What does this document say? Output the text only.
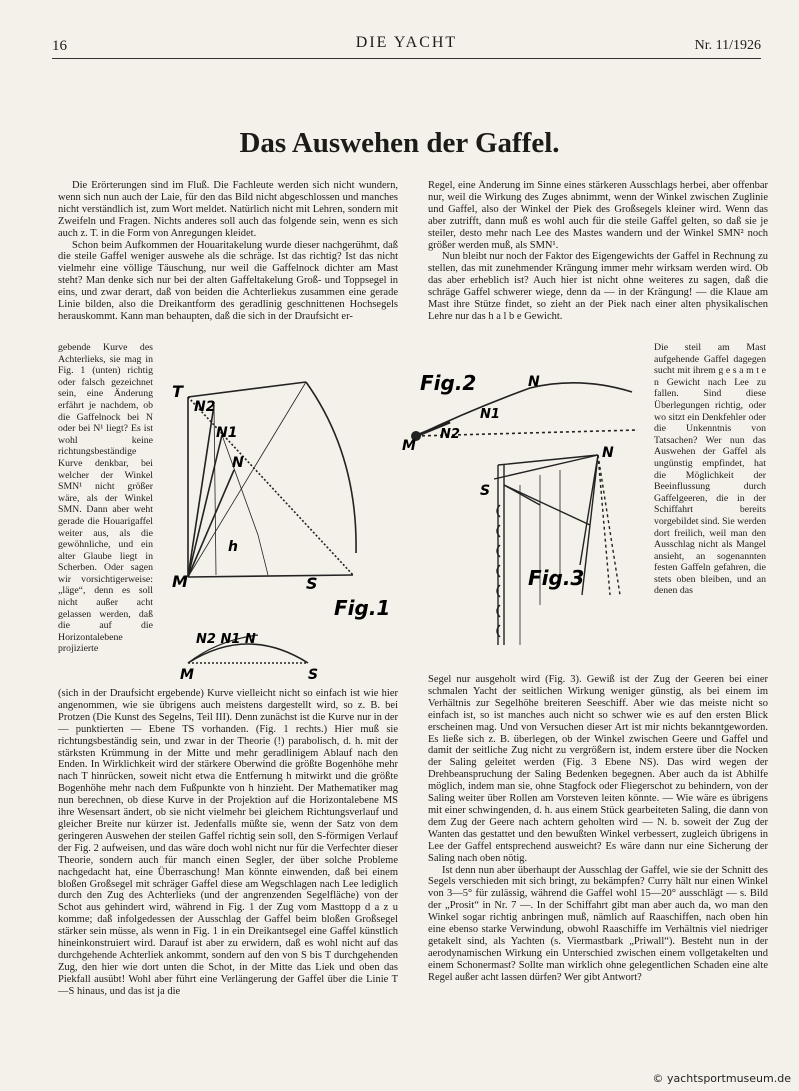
16	DIE YACHT	Nr. 11/1926
Das Auswehen der Gaffel.

Die Erörterungen sind im Fluß. Die Fachleute werden sich nicht wundern, wenn sich nun auch der Laie, für den das Bild nicht abgeschlossen und manches nicht verständlich ist, zum Wort meldet. Natürlich nicht mit Lehren, sondern mit Zweifeln und Fragen. Nichts anderes soll auch das folgende sein, wenn es sich auch z. T. in die Form von Anregungen kleidet.

Schon beim Aufkommen der Houaritakelung wurde dieser nachgerühmt, daß die steile Gaffel weniger auswehe als die schräge. Ist das richtig? Ist das nicht vielmehr eine völlige Täuschung, nur weil die Gaffelnock dichter am Mast steht? Man denke sich nur bei der alten Gaffeltakelung Groß- und Toppsegel in eins, und zwar derart, daß von beiden die Achterliekus zusammen eine gerade Linie bilden, also die Dreikantform des geradlinig geschnittenen Hochsegels herauskommt. Kann man behaupten, daß die sich in der Draufsicht er-

gebende Kurve des Achterlieks, sie mag in Fig. 1 (unten) richtig oder falsch gezeichnet sein, eine Änderung erfährt je nachdem, ob die Gaffelnock bei N oder bei N¹ liegt? Es ist wohl keine richtungsbeständige Kurve denkbar, bei welcher der Winkel SMN¹ nicht größer wäre, als der Winkel SMN. Dann aber weht gerade die Houarigaffel weiter aus, als die gewöhnliche, und ein alter Glaube liegt in Scherben. Oder sagen wir vorsichtigerweise: „läge“, denn es soll nicht außer acht gelassen werden, daß die auf die Horizontalebene projizierte

(sich in der Draufsicht ergebende) Kurve vielleicht nicht so einfach ist wie hier angenommen, wie sie übrigens auch meistens dargestellt wird, so z. B. bei Protzen (Die Kunst des Segelns, Teil III). Denn zunächst ist die Kurve nur in der — punktierten — Ebene TS vorhanden. (Fig. 1 rechts.) Hier muß sie richtungsbeständig sein, und zwar in der Theorie (!) parabolisch, d. h. mit der stärksten Krümmung in der Mitte und mehr geradlinigem Ablauf nach den Enden. In Wirklichkeit wird der stärkere Oberwind die größte Bogenhöhe mehr nach T hinrücken, soweit nicht etwa die Entfernung h mitwirkt und die größte Bogenhöhe mehr nach dem Fußpunkte von h hinzieht. Der Mathematiker mag nun berechnen, ob diese Kurve in der Projektion auf die Horizontalebene MS ihre Wesensart ändert, ob sie nicht vielmehr bei gleichem Richtungsverlauf und gleicher Breite nur kürzer ist. Jedenfalls müßte sie, wenn der Satz von dem geringeren Auswehen der steilen Gaffel richtig sein soll, den S-förmigen Verlauf der Fig. 2 aufweisen, und das wäre doch wohl nicht nur für die Verfechter dieser Theorie, sondern auch für manch einen Segler, der über solche Probleme nachgedacht hat, eine Überraschung! Man könnte einwenden, daß bei einem bloßen Großsegel mit schräger Gaffel diese am Wegschlagen nach Lee lediglich durch den Zug des Achterlieks (und der angrenzenden Segelfläche) von der Schot aus gehindert wird, während in Fig. 1 der Zug vom Masttopp d a z u komme; daß infolgedessen der Ausschlag der Gaffel beim bloßen Großsegel stärker sein müsse, als wenn in Fig. 1 in ein Dreikantsegel eine Gaffel künstlich hineinkonstruiert wird. Darauf ist aber zu erwidern, daß es wohl nicht auf das durchgehende Achterliek ankommt, sondern auf den von S bis T durchgehenden Zug, den hier wie dort unten die Schot, in der Mitte das Liek und oben das Piekfall ausübt! Wohl aber führt eine Verlängerung der Gaffel über die Linie T—S hinaus, und das ist ja die

Regel, eine Änderung im Sinne eines stärkeren Ausschlags herbei, aber offenbar nur, weil die Wirkung des Zuges abnimmt, wenn der Winkel zwischen Zuglinie und Gaffel, also der Winkel der Piek des Großsegels kleiner wird. Wenn das aber zutrifft, dann muß es wohl auch für die steile Gaffel gelten, so daß sie je steiler, desto mehr nach Lee des Mastes wandern und der Winkel SMN² noch größer werden muß, als SMN¹.

Nun bleibt nur noch der Faktor des Eigengewichts der Gaffel in Rechnung zu stellen, das mit zunehmender Krängung immer mehr wirksam werden wird. Ob das aber erheblich ist? Auch hier ist nicht ohne weiteres zu sagen, daß die schräge Gaffel schwerer wiege, denn da — in der Krängung! — die Klaue am Mast ihre Stütze findet, so zieht an der Piek nach einer alten physikalischen Lehre nur das h a l b e Gewicht.

Die steil am Mast aufgehende Gaffel dagegen sucht mit ihrem g e s a m t e n Gewicht nach Lee zu fallen. Sind diese Überlegungen richtig, oder wo sitzt ein Denkfehler oder die Unkenntnis von Tatsachen? Wer nun das Auswehen der Gaffel als ungünstig empfindet, hat die Möglichkeit der Beeinflussung durch Gaffelgeeren, die in der Schiffahrt bereits vorgebildet sind. Sie werden dort freilich, weil man den Ausschlag nicht als Mangel ansieht, an sogenannten festen Gaffeln gefahren, die stets oben bleiben, und an denen das

Segel nur ausgeholt wird (Fig. 3). Gewiß ist der Zug der Geeren bei einer schmalen Yacht der seitlichen Wirkung weniger günstig, als bei einem im Verhältnis zur Segelhöhe breiteren Seeschiff. Aber wie das meiste nicht so einfach ist, so ist manches auch nicht so schwer wie es auf den ersten Blick erscheinen mag. Und von Versuchen dieser Art ist mir nichts bekanntgeworden. Es ließe sich z. B. überlegen, ob der Winkel zwischen Geere und Gaffel und damit der seitliche Zug nicht zu vergrößern ist, indem erstere über die Nocken der Saling geleitet werden (Fig. 3 Ebene NS). Das wird wegen der Drehbeanspruchung der Saling Bedenken begegnen. Aber auch da ist Abhilfe möglich, indem man sie, ohne Stagfock oder Fliegerschot zu behindern, von der Saling weiter über Rollen am Vorsteven leiten könnte. — Wie wäre es übrigens mit einer schwingenden, d. h. aus einem Stück gearbeiteten Saling, die dann von dem Zug der Geere nach achtern geholten wird — N. b. soweit der Zug der Wanten das gestattet und den bewußten Winkel verbessert, zugleich übrigens in Lee der Gaffel entsprechend ausweicht? Es wäre dann nur eine Sicherung der Saling nach oben nötig.

Ist denn nun aber überhaupt der Ausschlag der Gaffel, wie sie der Schnitt des Segels verschieden mit sich bringt, zu bekämpfen? Curry hält nur einen Winkel von 3—5° für zulässig, während die Gaffel wohl 15—20° ausschlägt — s. Bild der „Prosit“ in Nr. 7 —. In der Schiffahrt gibt man aber auch da, wo man den Winkel sogar richtig anbringen muß, nämlich auf Raaschiffen, nach oben hin eine ebenso starke Verwindung, obwohl Raaschiffe im Verhältnis viel niedriger getakelt sind, als Yachten (s. Viermastbark „Priwall“). Besteht nun in der aerodynamischen Wirkung ein Unterschied zwischen einem vollgetakelten und einem Schonermast? Sollte man wirklich ohne gelegentlichen Schaden eine alte Regel außer acht lassen dürfen? Wer gibt Antwort?

T
N2
N1
N
h
M	S
Fig.1
N2 N1 N
M	S
Fig.2	N
N1
N2
M	N
S
Fig.3
© yachtsportmuseum.de
